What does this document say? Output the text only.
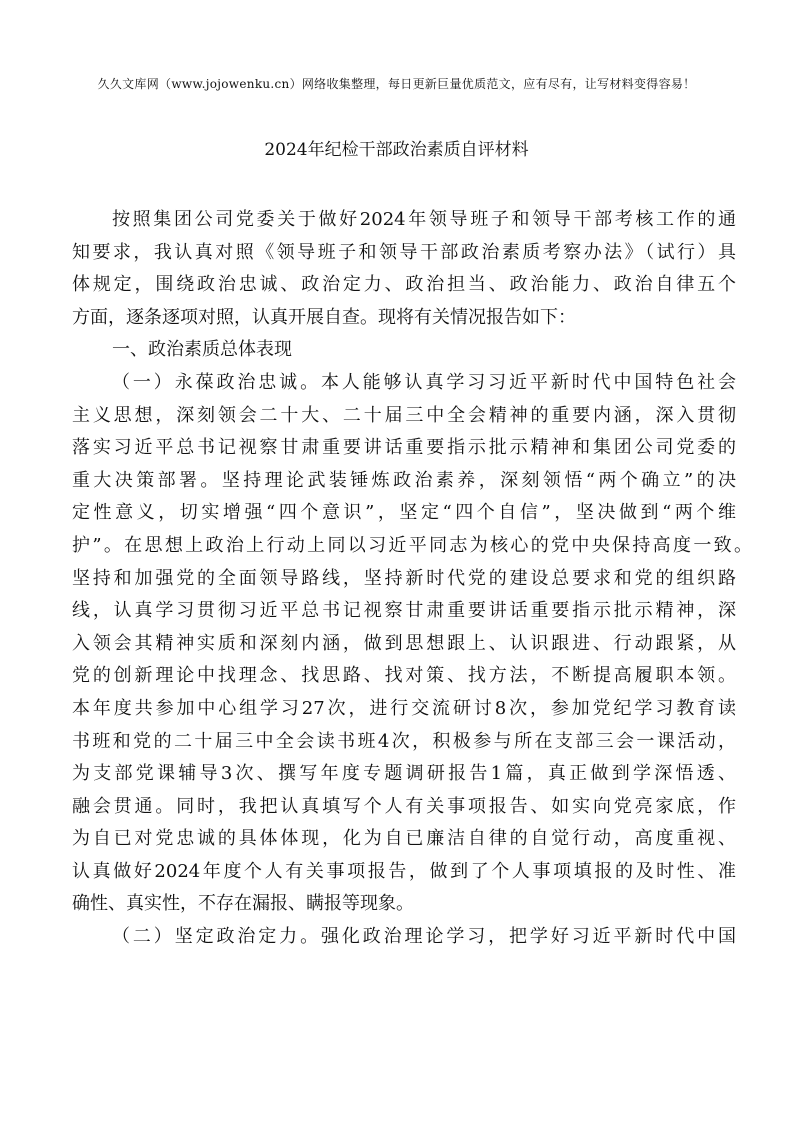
久久文库网（www.jojowenku.cn）网络收集整理，每日更新巨量优质范文，应有尽有，让写材料变得容易！
2024年纪检干部政治素质自评材料
按照集团公司党委关于做好2024年领导班子和领导干部考核工作的通
知要求，我认真对照《领导班子和领导干部政治素质考察办法》（试行）具
体规定，围绕政治忠诚、政治定力、政治担当、政治能力、政治自律五个
方面，逐条逐项对照，认真开展自查。现将有关情况报告如下：
一、政治素质总体表现
（一）永葆政治忠诚。本人能够认真学习习近平新时代中国特色社会
主义思想，深刻领会二十大、二十届三中全会精神的重要内涵，深入贯彻
落实习近平总书记视察甘肃重要讲话重要指示批示精神和集团公司党委的
重大决策部署。坚持理论武装锤炼政治素养，深刻领悟“两个确立”的决
定性意义，切实增强“四个意识”，坚定“四个自信”，坚决做到“两个维
护”。在思想上政治上行动上同以习近平同志为核心的党中央保持高度一致。
坚持和加强党的全面领导路线，坚持新时代党的建设总要求和党的组织路
线，认真学习贯彻习近平总书记视察甘肃重要讲话重要指示批示精神，深
入领会其精神实质和深刻内涵，做到思想跟上、认识跟进、行动跟紧，从
党的创新理论中找理念、找思路、找对策、找方法，不断提高履职本领。
本年度共参加中心组学习27次，进行交流研讨8次，参加党纪学习教育读
书班和党的二十届三中全会读书班4次，积极参与所在支部三会一课活动，
为支部党课辅导3次、撰写年度专题调研报告1篇，真正做到学深悟透、
融会贯通。同时，我把认真填写个人有关事项报告、如实向党亮家底，作
为自已对党忠诚的具体体现，化为自已廉洁自律的自觉行动，高度重视、
认真做好2024年度个人有关事项报告，做到了个人事项填报的及时性、准
确性、真实性，不存在漏报、瞒报等现象。
（二）坚定政治定力。强化政治理论学习，把学好习近平新时代中国
